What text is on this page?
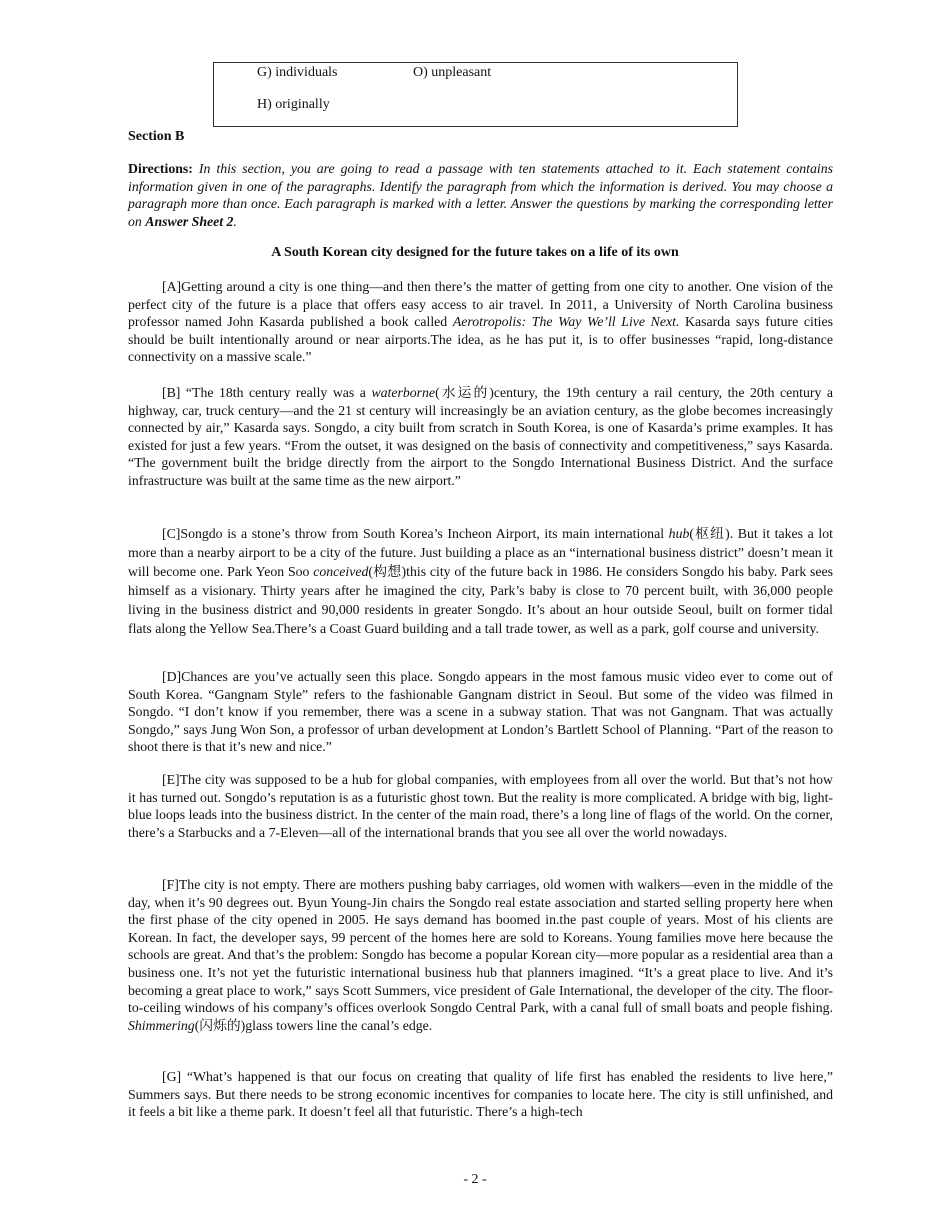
G) individuals	O) unpleasant
H) originally
Section B
Directions: In this section, you are going to read a passage with ten statements attached to it. Each statement contains information given in one of the paragraphs. Identify the paragraph from which the information is derived. You may choose a paragraph more than once. Each paragraph is marked with a letter. Answer the questions by marking the corresponding letter on Answer Sheet 2.
A South Korean city designed for the future takes on a life of its own
[A]Getting around a city is one thing—and then there’s the matter of getting from one city to another. One vision of the perfect city of the future is a place that offers easy access to air travel. In 2011, a University of North Carolina business professor named John Kasarda published a book called Aerotropolis: The Way We’ll Live Next. Kasarda says future cities should be built intentionally around or near airports.The idea, as he has put it, is to offer businesses “rapid, long-distance connectivity on a massive scale.”
[B] “The 18th century really was a waterborne(水运的)century, the 19th century a rail century, the 20th century a highway, car, truck century—and the 21 st century will increasingly be an aviation century, as the globe becomes increasingly connected by air,” Kasarda says. Songdo, a city built from scratch in South Korea, is one of Kasarda’s prime examples. It has existed for just a few years. “From the outset, it was designed on the basis of connectivity and competitiveness,” says Kasarda. “The government built the bridge directly from the airport to the Songdo International Business District. And the surface infrastructure was built at the same time as the new airport.”
[C]Songdo is a stone’s throw from South Korea’s Incheon Airport, its main international hub(枢纽). But it takes a lot more than a nearby airport to be a city of the future. Just building a place as an “international business district” doesn’t mean it will become one. Park Yeon Soo conceived(构想)this city of the future back in 1986. He considers Songdo his baby. Park sees himself as a visionary. Thirty years after he imagined the city, Park’s baby is close to 70 percent built, with 36,000 people living in the business district and 90,000 residents in greater Songdo. It’s about an hour outside Seoul, built on former tidal flats along the Yellow Sea.There’s a Coast Guard building and a tall trade tower, as well as a park, golf course and university.
[D]Chances are you’ve actually seen this place. Songdo appears in the most famous music video ever to come out of South Korea. “Gangnam Style” refers to the fashionable Gangnam district in Seoul. But some of the video was filmed in Songdo. “I don’t know if you remember, there was a scene in a subway station. That was not Gangnam. That was actually Songdo,” says Jung Won Son, a professor of urban development at London’s Bartlett School of Planning. “Part of the reason to shoot there is that it’s new and nice.”
[E]The city was supposed to be a hub for global companies, with employees from all over the world. But that’s not how it has turned out. Songdo’s reputation is as a futuristic ghost town. But the reality is more complicated. A bridge with big, light-blue loops leads into the business district. In the center of the main road, there’s a long line of flags of the world. On the corner, there’s a Starbucks and a 7-Eleven—all of the international brands that you see all over the world nowadays.
[F]The city is not empty. There are mothers pushing baby carriages, old women with walkers—even in the middle of the day, when it’s 90 degrees out. Byun Young-Jin chairs the Songdo real estate association and started selling property here when the first phase of the city opened in 2005. He says demand has boomed in.the past couple of years. Most of his clients are Korean. In fact, the developer says, 99 percent of the homes here are sold to Koreans. Young families move here because the schools are great. And that’s the problem: Songdo has become a popular Korean city—more popular as a residential area than a business one. It’s not yet the futuristic international business hub that planners imagined. “It’s a great place to live. And it’s becoming a great place to work,” says Scott Summers, vice president of Gale International, the developer of the city. The floor-to-ceiling windows of his company’s offices overlook Songdo Central Park, with a canal full of small boats and people fishing. Shimmering(闪烁的)glass towers line the canal’s edge.
[G] “What’s happened is that our focus on creating that quality of life first has enabled the residents to live here,” Summers says. But there needs to be strong economic incentives for companies to locate here. The city is still unfinished, and it feels a bit like a theme park. It doesn’t feel all that futuristic. There’s a high-tech
- 2 -
